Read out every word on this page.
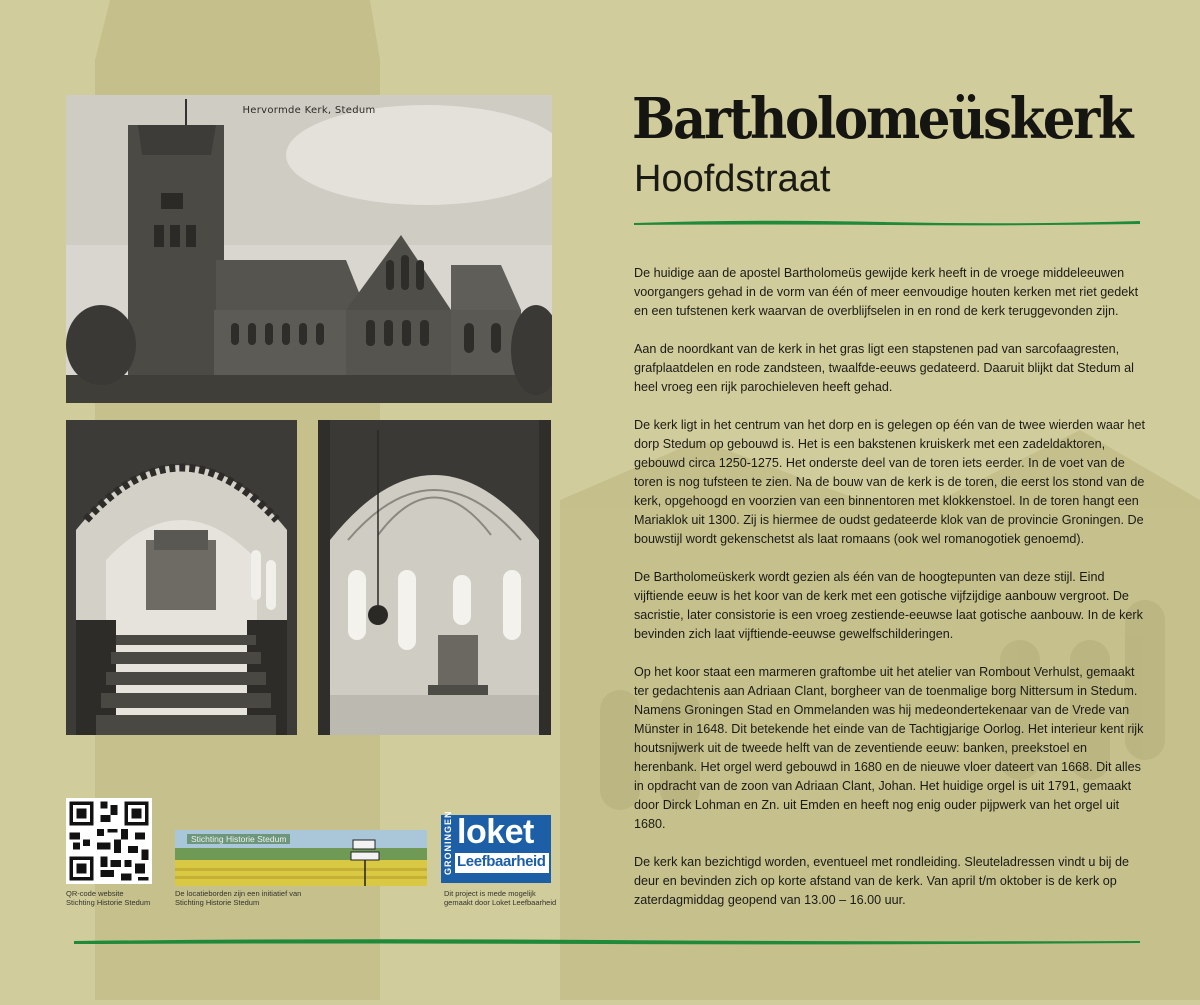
Hervormde Kerk, Stedum	Bartholomeüskerk
Hoofdstraat

De huidige aan de apostel Bartholomeüs gewijde kerk heeft in de vroege middeleeuwen voorgangers gehad in de vorm van één of meer eenvoudige houten kerken met riet gedekt en een tufstenen kerk waarvan de overblijfselen in en rond de kerk teruggevonden zijn.

Aan de noordkant van de kerk in het gras ligt een stapstenen pad van sarcofaagresten, grafplaatdelen en rode zandsteen, twaalfde-eeuws gedateerd. Daaruit blijkt dat Stedum al heel vroeg een rijk parochieleven heeft gehad.

De kerk ligt in het centrum van het dorp en is gelegen op één van de twee wierden waar het dorp Stedum op gebouwd is. Het is een bakstenen kruiskerk met een zadeldaktoren, gebouwd circa 1250-1275. Het onderste deel van de toren iets eerder. In de voet van de toren is nog tufsteen te zien. Na de bouw van de kerk is de toren, die eerst los stond van de kerk, opgehoogd en voorzien van een binnentoren met klokkenstoel. In de toren hangt een Mariaklok uit 1300. Zij is hiermee de oudst gedateerde klok van de provincie Groningen. De bouwstijl wordt gekenschetst als laat romaans (ook wel romanogotiek genoemd).

De Bartholomeüskerk wordt gezien als één van de hoogtepunten van deze stijl. Eind vijftiende eeuw is het koor van de kerk met een gotische vijfzijdige aanbouw vergroot. De sacristie, later consistorie is een vroeg zestiende-eeuwse laat gotische aanbouw. In de kerk bevinden zich laat vijftiende-eeuwse gewelfschilderingen.

Op het koor staat een marmeren graftombe uit het atelier van Rombout Verhulst, gemaakt ter gedachtenis aan Adriaan Clant, borgheer van de toenmalige borg Nittersum in Stedum. Namens Groningen Stad en Ommelanden was hij medeondertekenaar van de Vrede van Münster in 1648. Dit betekende het einde van de Tachtigjarige Oorlog. Het interieur kent rijk houtsnijwerk uit de tweede helft van de zeventiende eeuw: banken, preekstoel en herenbank. Het orgel werd gebouwd in 1680 en de nieuwe vloer dateert van 1668. Dit alles in opdracht van de zoon van Adriaan Clant, Johan. Het huidige orgel is uit 1791, gemaakt door Dirck Lohman en Zn. uit Emden en heeft nog enig ouder pijpwerk van het orgel uit 1680.

De kerk kan bezichtigd worden, eventueel met rondleiding. Sleuteladressen vindt u bij de deur en bevinden zich op korte afstand van de kerk. Van april t/m oktober is de kerk op zaterdagmiddag geopend van 13.00 – 16.00 uur.

QR-code website
Stichting Historie Stedum
Stichting Historie Stedum
De locatieborden zijn een initiatief van
Stichting Historie Stedum
GRONINGEN loket
Leefbaarheid
Dit project is mede mogelijk
gemaakt door Loket Leefbaarheid
